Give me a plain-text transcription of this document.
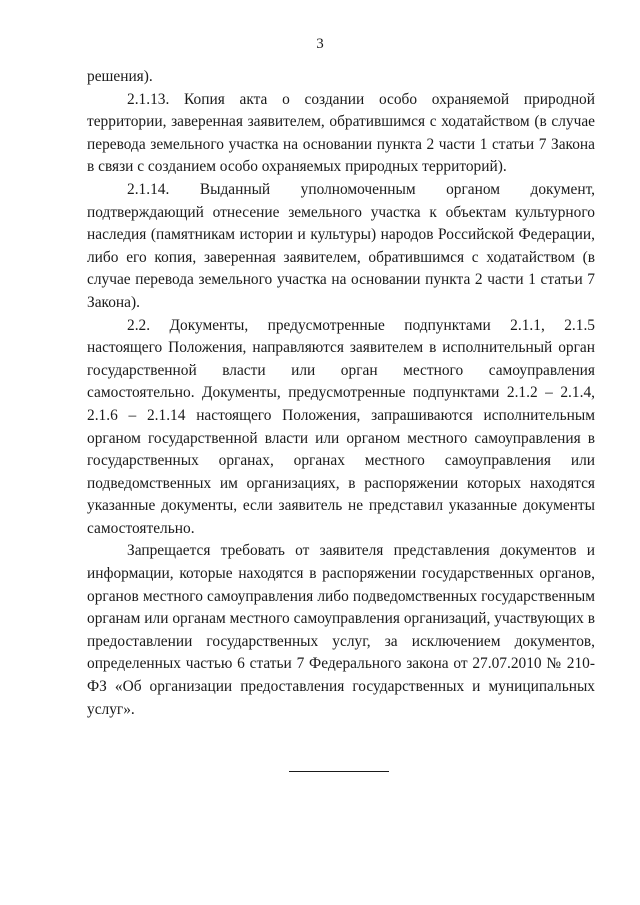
3

решения).

2.1.13. Копия акта о создании особо охраняемой природной территории, заверенная заявителем, обратившимся с ходатайством (в случае перевода земельного участка на основании пункта 2 части 1 статьи 7 Закона в связи с созданием особо охраняемых природных территорий).

2.1.14. Выданный уполномоченным органом документ, подтверждающий отнесение земельного участка к объектам культурного наследия (памятникам истории и культуры) народов Российской Федерации, либо его копия, заверенная заявителем, обратившимся с ходатайством (в случае перевода земельного участка на основании пункта 2 части 1 статьи 7 Закона).

2.2. Документы, предусмотренные подпунктами 2.1.1, 2.1.5 настоящего Положения, направляются заявителем в исполнительный орган государственной власти или орган местного самоуправления самостоятельно. Документы, предусмотренные подпунктами 2.1.2 – 2.1.4, 2.1.6 – 2.1.14 настоящего Положения, запрашиваются исполнительным органом государственной власти или органом местного самоуправления в государственных органах, органах местного самоуправления или подведомственных им организациях, в распоряжении которых находятся указанные документы, если заявитель не представил указанные документы самостоятельно.

Запрещается требовать от заявителя представления документов и информации, которые находятся в распоряжении государственных органов, органов местного самоуправления либо подведомственных государственным органам или органам местного самоуправления организаций, участвующих в предоставлении государственных услуг, за исключением документов, определенных частью 6 статьи 7 Федерального закона от 27.07.2010 № 210-ФЗ «Об организации предоставления государственных и муниципальных услуг».
